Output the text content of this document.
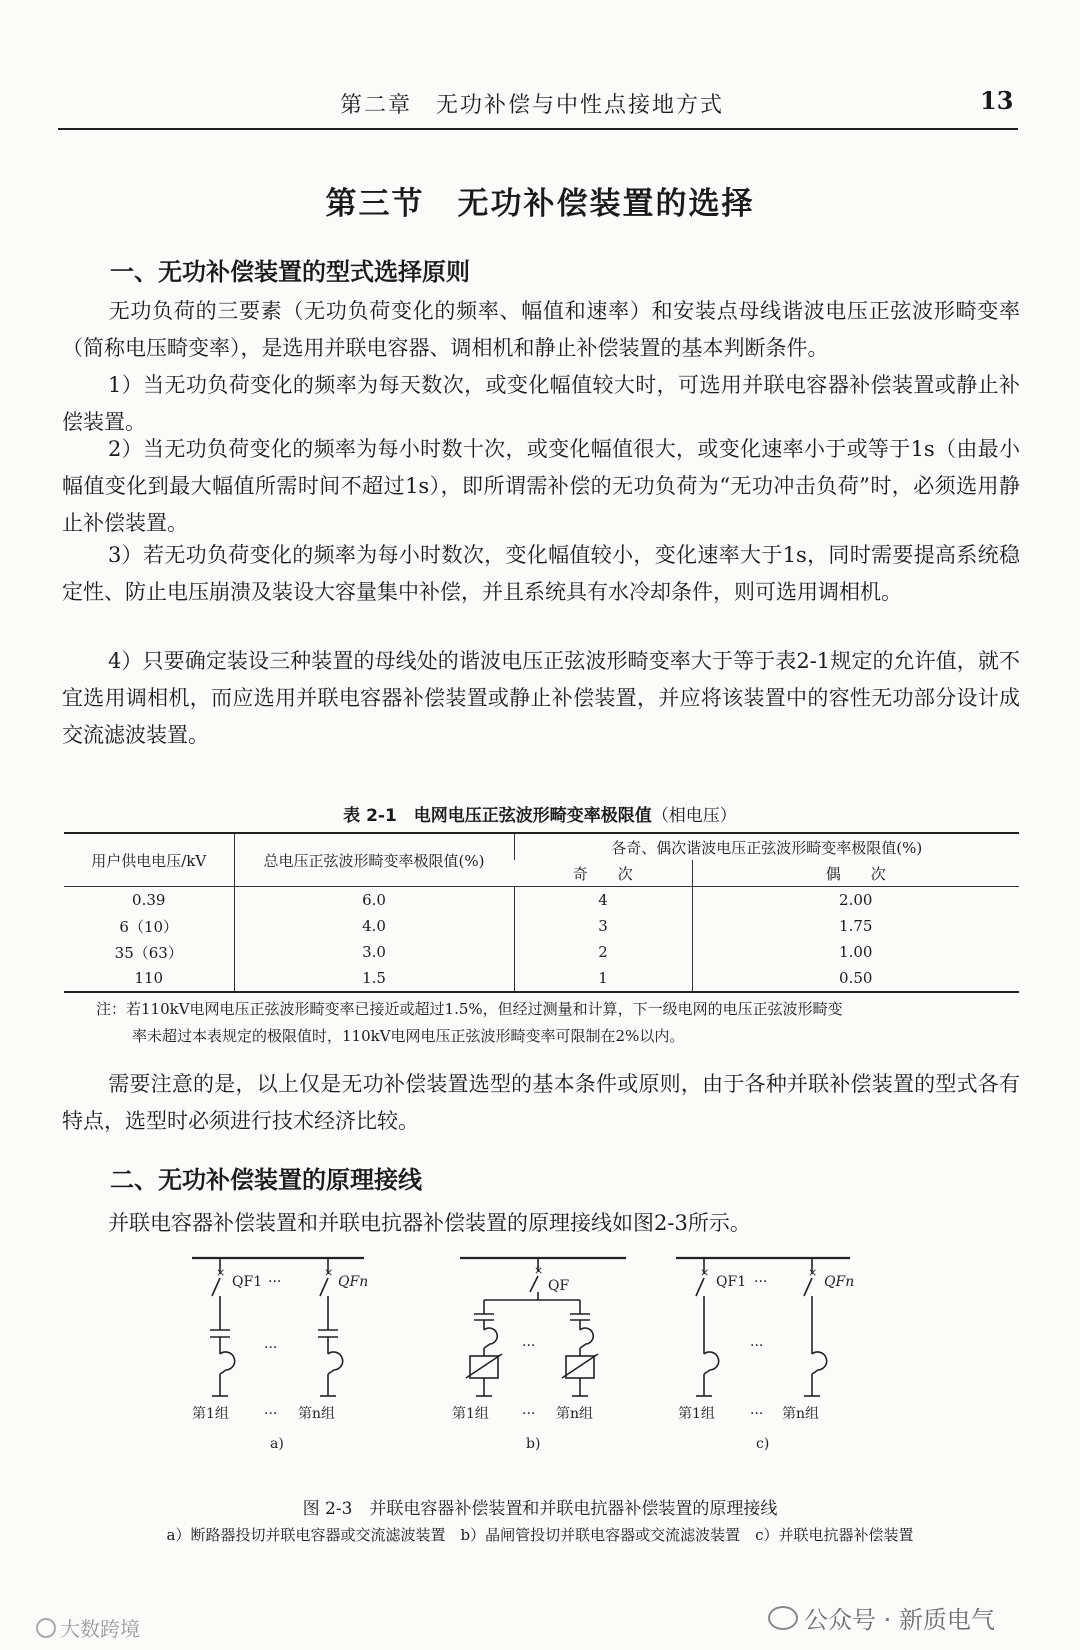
第二章　无功补偿与中性点接地方式	13
第三节　无功补偿装置的选择
一、无功补偿装置的型式选择原则
无功负荷的三要素（无功负荷变化的频率、幅值和速率）和安装点母线谐波电压正弦波形畸变率（简称电压畸变率），是选用并联电容器、调相机和静止补偿装置的基本判断条件。
1）当无功负荷变化的频率为每天数次，或变化幅值较大时，可选用并联电容器补偿装置或静止补偿装置。
2）当无功负荷变化的频率为每小时数十次，或变化幅值很大，或变化速率小于或等于1s（由最小幅值变化到最大幅值所需时间不超过1s），即所谓需补偿的无功负荷为“无功冲击负荷”时，必须选用静止补偿装置。
3）若无功负荷变化的频率为每小时数次，变化幅值较小，变化速率大于1s，同时需要提高系统稳定性、防止电压崩溃及装设大容量集中补偿，并且系统具有水冷却条件，则可选用调相机。
4）只要确定装设三种装置的母线处的谐波电压正弦波形畸变率大于等于表2-1规定的允许值，就不宜选用调相机，而应选用并联电容器补偿装置或静止补偿装置，并应将该装置中的容性无功部分设计成交流滤波装置。
表 2-1　电网电压正弦波形畸变率极限值（相电压）
用户供电电压/kV	总电压正弦波形畸变率极限值(%)	各奇、偶次谐波电压正弦波形畸变率极限值(%)	
		奇　　次	偶　　次
0.39	6.0	4	2.00
6（10）	4.0	3	1.75
35（63）	3.0	2	1.00
110	1.5	1	0.50
注：若110kV电网电压正弦波形畸变率已接近或超过1.5%，但经过测量和计算，下一级电网的电压正弦波形畸变
率未超过本表规定的极限值时，110kV电网电压正弦波形畸变率可限制在2%以内。
需要注意的是，以上仅是无功补偿装置选型的基本条件或原则，由于各种并联补偿装置的型式各有特点，选型时必须进行技术经济比较。
二、无功补偿装置的原理接线
并联电容器补偿装置和并联电抗器补偿装置的原理接线如图2-3所示。
×	×
QF1 ···	QFn
···
第1组	··· 第n组
a)
×
QF
···
第1组 ··· 第n组
b)
×	×
QF1 ···	QFn
···
第1组	··· 第n组
c)
图 2-3　并联电容器补偿装置和并联电抗器补偿装置的原理接线
a）断路器投切并联电容器或交流滤波装置　b）晶闸管投切并联电容器或交流滤波装置　c）并联电抗器补偿装置
公众号 · 新质电气
大数跨境
